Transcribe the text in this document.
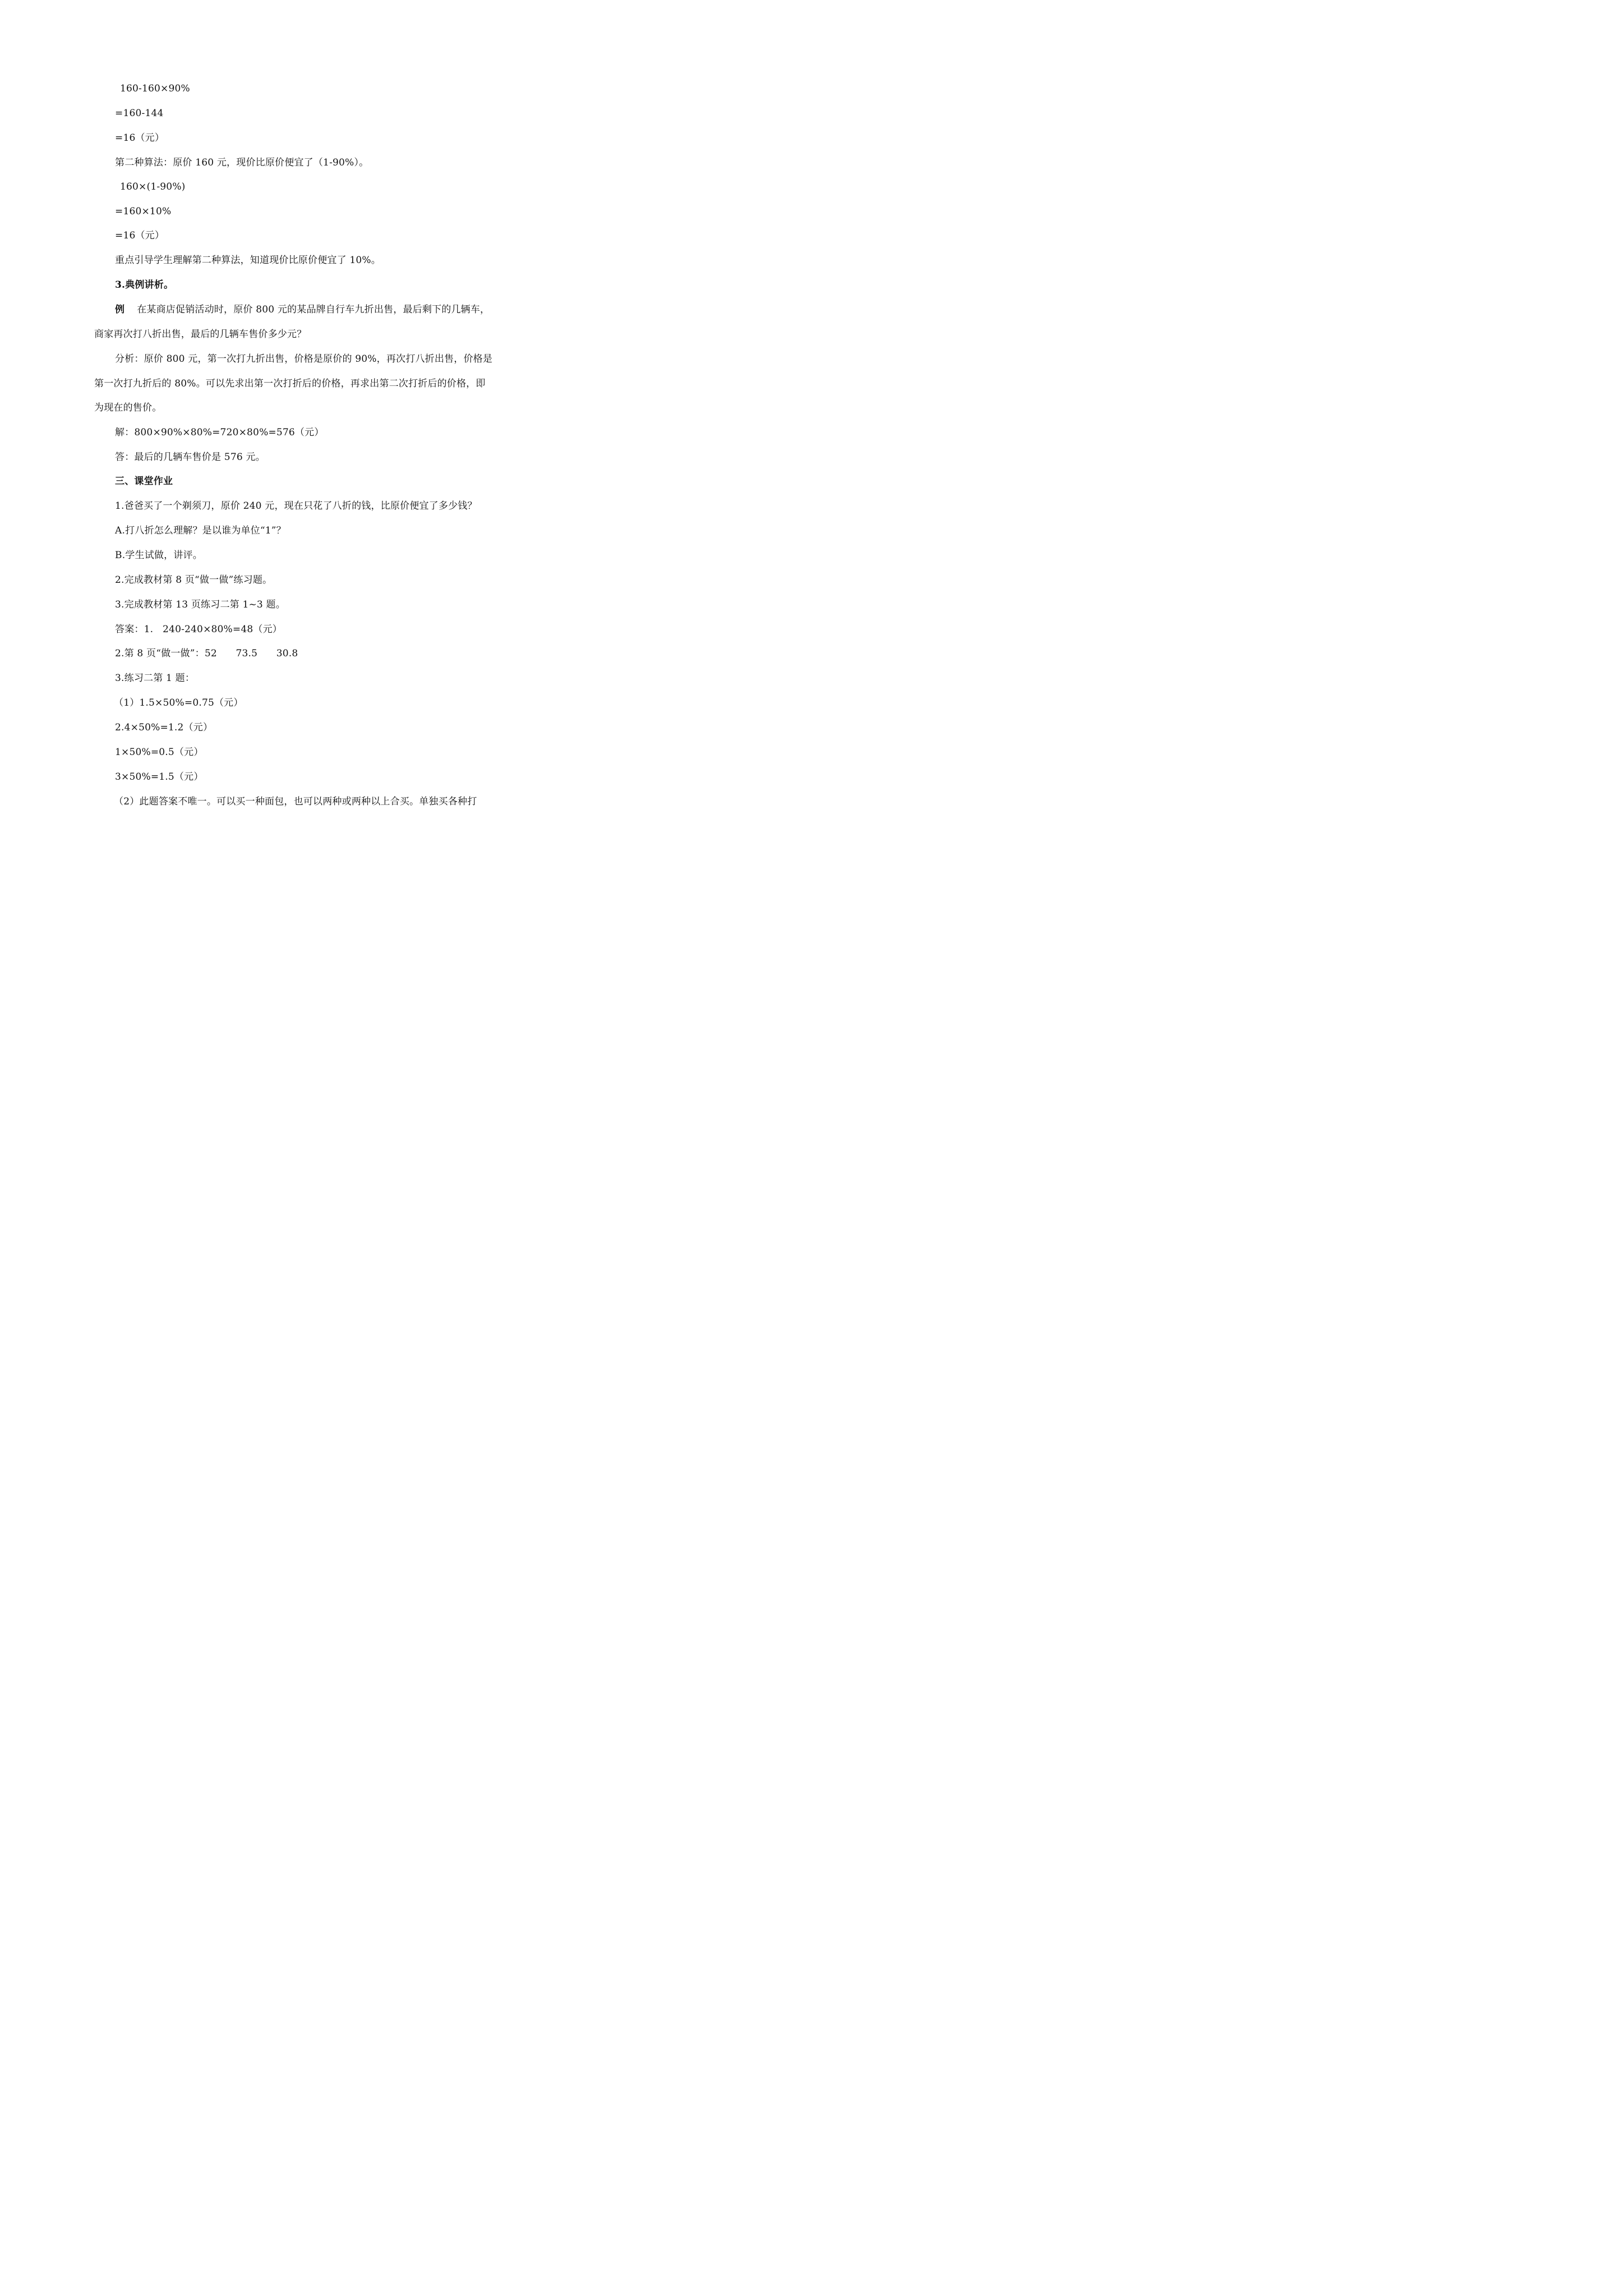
160-160×90%
=160-144
=16（元）
第二种算法：原价 160 元，现价比原价便宜了（1-90%）。
160×(1-90%)
=160×10%
=16（元）
重点引导学生理解第二种算法，知道现价比原价便宜了 10%。
3.典例讲析。
例 在某商店促销活动时，原价 800 元的某品牌自行车九折出售，最后剩下的几辆车，
商家再次打八折出售，最后的几辆车售价多少元？
分析：原价 800 元，第一次打九折出售，价格是原价的 90%，再次打八折出售，价格是
第一次打九折后的 80%。可以先求出第一次打折后的价格，再求出第二次打折后的价格，即
为现在的售价。
解：800×90%×80%=720×80%=576（元）
答：最后的几辆车售价是 576 元。
三、课堂作业
1.爸爸买了一个剃须刀，原价 240 元，现在只花了八折的钱，比原价便宜了多少钱？
A.打八折怎么理解？是以谁为单位“1”？
B.学生试做，讲评。
2.完成教材第 8 页“做一做”练习题。
3.完成教材第 13 页练习二第 1~3 题。
答案：1.   240-240×80%=48（元）
2.第 8 页“做一做”：52      73.5      30.8
3.练习二第 1 题：
（1）1.5×50%=0.75（元）
2.4×50%=1.2（元）
1×50%=0.5（元）
3×50%=1.5（元）
（2）此题答案不唯一。可以买一种面包，也可以两种或两种以上合买。单独买各种打
